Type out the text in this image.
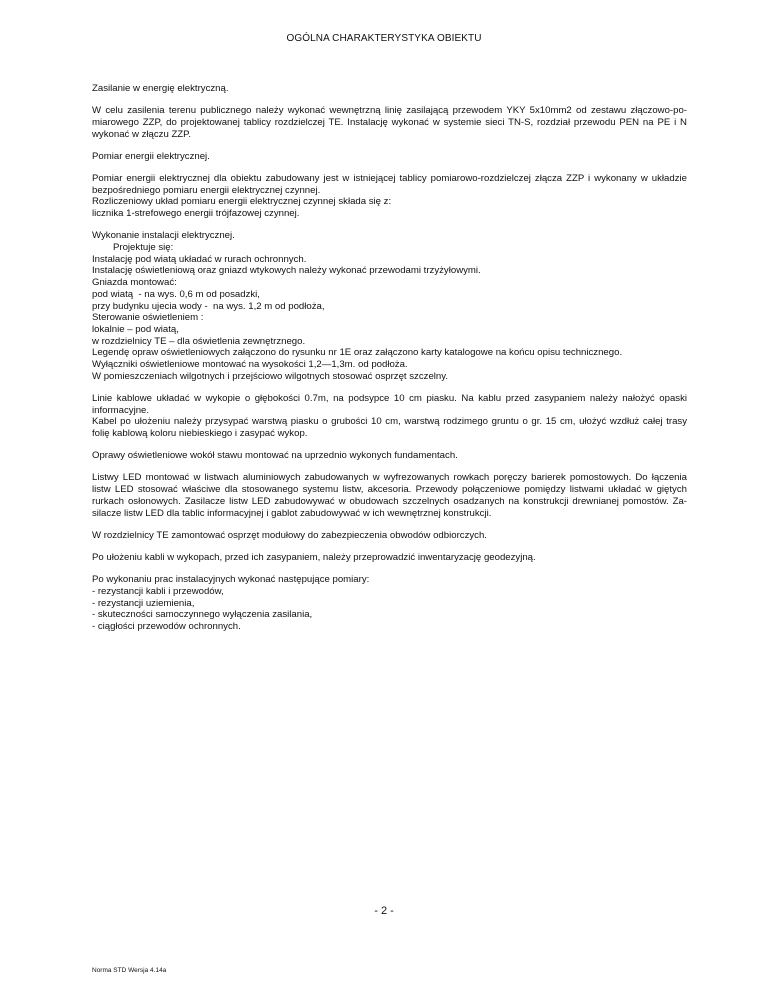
OGÓLNA CHARAKTERYSTYKA OBIEKTU
Zasilanie w energię elektryczną.
W celu zasilenia terenu publicznego należy wykonać wewnętrzną linię zasilającą przewodem YKY 5x10mm2 od zestawu złączowo-po-
miarowego ZZP, do projektowanej tablicy rozdzielczej TE. Instalację wykonać w systemie sieci TN-S, rozdział przewodu PEN na PE i N
wykonać w złączu ZZP.
Pomiar energii elektrycznej.
Pomiar energii elektrycznej dla obiektu zabudowany jest w istniejącej tablicy pomiarowo-rozdzielczej złącza ZZP i wykonany w układzie
bezpośredniego pomiaru energii elektrycznej czynnej.
Rozliczeniowy układ pomiaru energii elektrycznej czynnej składa się z:
licznika 1-strefowego energii trójfazowej czynnej.
Wykonanie instalacji elektrycznej.
Projektuje się:
Instalację pod wiatą układać w rurach ochronnych.
Instalację oświetleniową oraz gniazd wtykowych należy wykonać przewodami trzyżyłowymi.
Gniazda montować:
pod wiatą  - na wys. 0,6 m od posadzki,
przy budynku ujecia wody -  na wys. 1,2 m od podłoża,
Sterowanie oświetleniem :
lokalnie – pod wiatą,
w rozdzielnicy TE – dla oświetlenia zewnętrznego.
Legendę opraw oświetleniowych załączono do rysunku nr 1E oraz załączono karty katalogowe na końcu opisu technicznego.
Wyłączniki oświetleniowe montować na wysokości 1,2—1,3m. od podłoża.
W pomieszczeniach wilgotnych i przejściowo wilgotnych stosować osprzęt szczelny.
Linie kablowe układać w wykopie o głębokości 0.7m, na podsypce 10 cm piasku. Na kablu przed zasypaniem należy nałożyć opaski
informacyjne.
Kabel po ułożeniu należy przysypać warstwą piasku o grubości 10 cm, warstwą rodzimego gruntu o gr. 15 cm, ułożyć wzdłuż całej trasy
folię kablową koloru niebieskiego i zasypać wykop.
Oprawy oświetleniowe wokół stawu montować na uprzednio wykonych fundamentach.
Listwy LED montować w listwach aluminiowych zabudowanych w wyfrezowanych rowkach poręczy barierek pomostowych. Do łączenia
listw LED stosować właściwe dla stosowanego systemu listw, akcesoria. Przewody połączeniowe pomiędzy listwami układać w giętych
rurkach osłonowych. Zasilacze listw LED zabudowywać w obudowach szczelnych osadzanych na konstrukcji drewnianej pomostów. Za-
silacze listw LED dla tablic informacyjnej i gablot zabudowywać w ich wewnętrznej konstrukcji.
W rozdzielnicy TE zamontować osprzęt modułowy do zabezpieczenia obwodów odbiorczych.
Po ułożeniu kabli w wykopach, przed ich zasypaniem, należy przeprowadzić inwentaryzację geodezyjną.
Po wykonaniu prac instalacyjnych wykonać następujące pomiary:
- rezystancji kabli i przewodów,
- rezystancji uziemienia,
- skuteczności samoczynnego wyłączenia zasilania,
- ciągłości przewodów ochronnych.
- 2 -
Norma STD Wersja 4.14a
